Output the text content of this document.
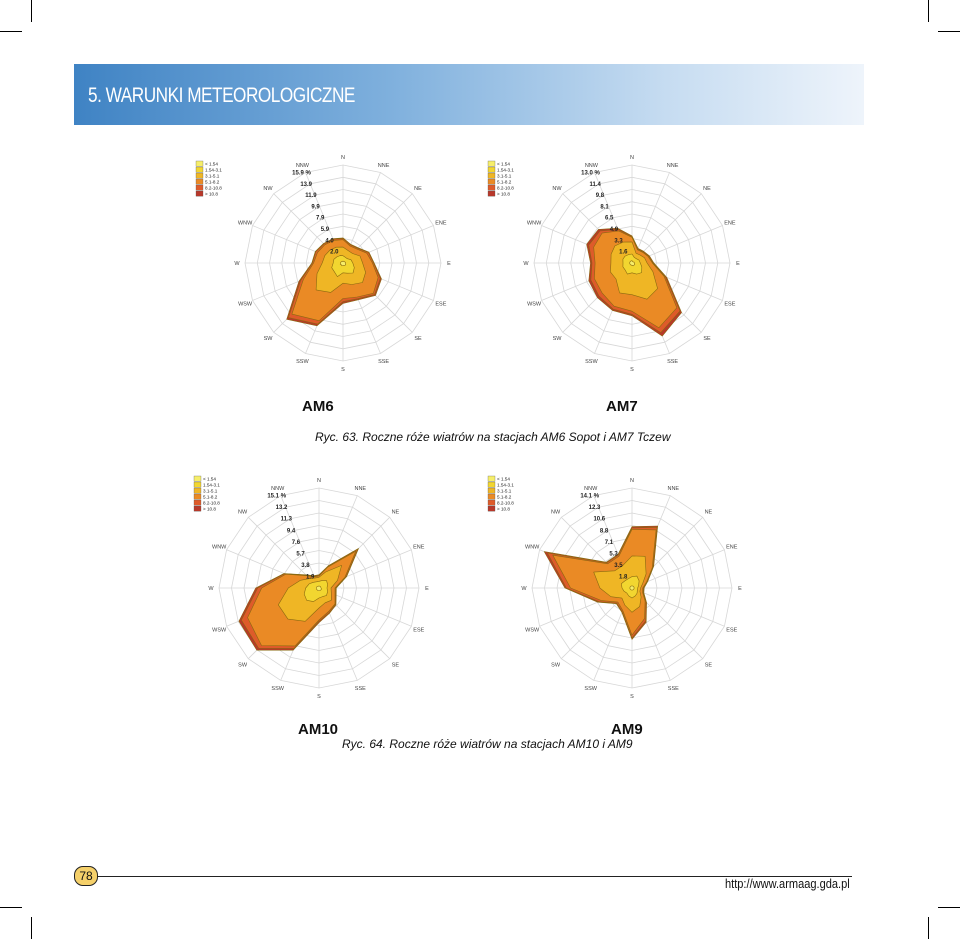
5. WARUNKI METEOROLOGICZNE
N
NNE
NE
ENE
E
ESE
SE
SSE
S
SSW
SW
WSW
W
WNW
NW
NNW
2.0
4.0
5.9
7.9
9.9
11.9
13.9
15.9 %
< 1.54
1.54-3.1
3.1-5.1
5.1-8.2
8.2-10.8
> 10.8
N
NNE
NE
ENE
E
ESE
SE
SSE
S
SSW
SW
WSW
W
WNW
NW
NNW
1.6
3.3
4.9
6.5
8.1
9.8
11.4
13.0 %
< 1.54
1.54-3.1
3.1-5.1
5.1-8.2
8.2-10.8
> 10.8
N
NNE
NE
ENE
E
ESE
SE
SSE
S
SSW
SW
WSW
W
WNW
NW
NNW
1.9
3.8
5.7
7.6
9.4
11.3
13.2
15.1 %
< 1.54
1.54-3.1
3.1-5.1
5.1-8.2
8.2-10.8
> 10.8
N
NNE
NE
ENE
E
ESE
SE
SSE
S
SSW
SW
WSW
W
WNW
NW
NNW
1.8
3.5
5.3
7.1
8.8
10.6
12.3
14.1 %
< 1.54
1.54-3.1
3.1-5.1
5.1-8.2
8.2-10.8
> 10.8
AM6	AM7
Ryc. 63. Roczne róże wiatrów na stacjach AM6 Sopot i AM7 Tczew
AM10	AM9
Ryc. 64. Roczne róże wiatrów na stacjach AM10 i AM9
78	http://www.armaag.gda.pl
